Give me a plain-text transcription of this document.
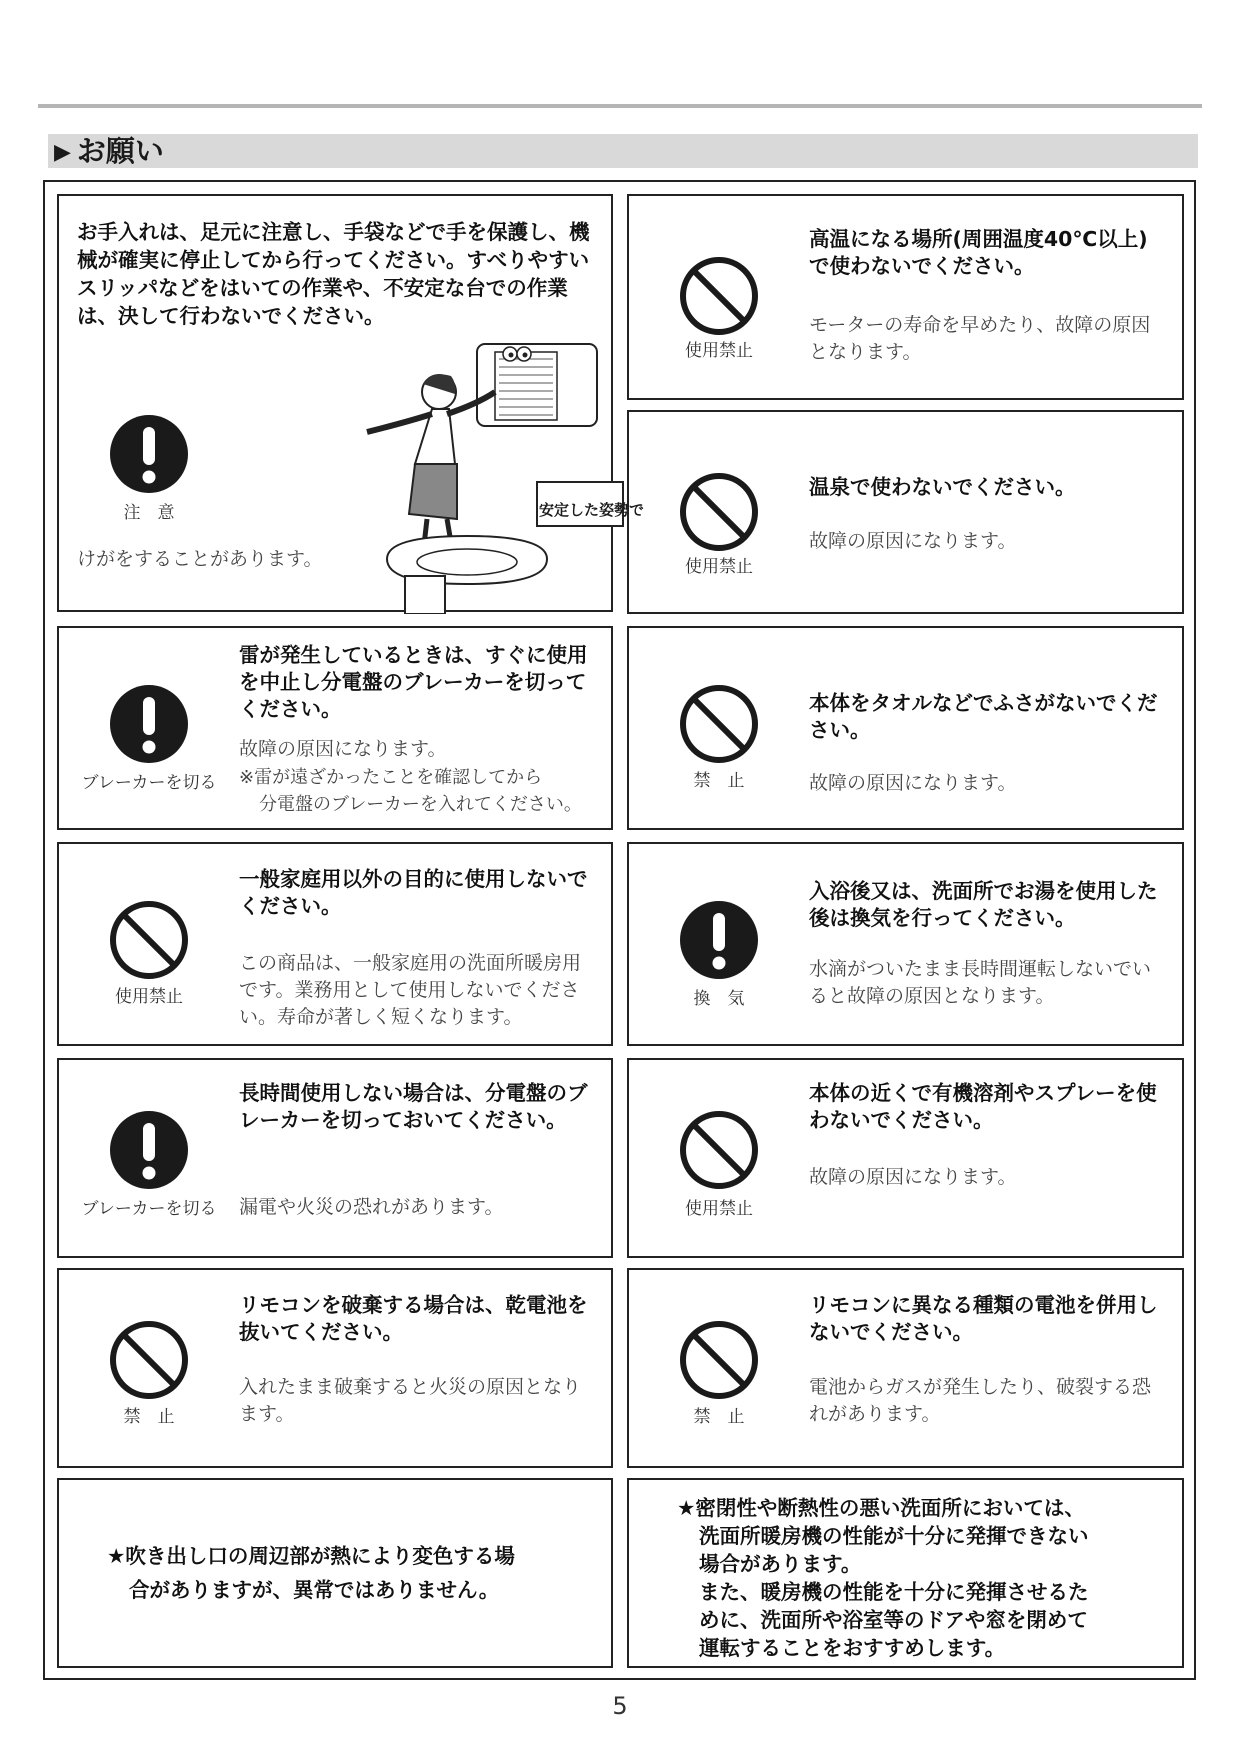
▶ お願い
お手入れは、足元に注意し、手袋などで手を保護し、機械が確実に停止してから行ってください。すべりやすいスリッパなどをはいての作業や、不安定な台での作業は、決して行わないでください。
注　意
けがをすることがあります。
安定した姿勢で
使用禁止
高温になる場所(周囲温度40℃以上)で使わないでください。
モーターの寿命を早めたり、故障の原因となります。
使用禁止
温泉で使わないでください。
故障の原因になります。
ブレーカーを切る
雷が発生しているときは、すぐに使用を中止し分電盤のブレーカーを切ってください。
故障の原因になります。
※雷が遠ざかったことを確認してから
分電盤のブレーカーを入れてください。
禁　止
本体をタオルなどでふさがないでください。
故障の原因になります。
使用禁止
一般家庭用以外の目的に使用しないでください。
この商品は、一般家庭用の洗面所暖房用です。業務用として使用しないでください。寿命が著しく短くなります。
換　気
入浴後又は、洗面所でお湯を使用した後は換気を行ってください。
水滴がついたまま長時間運転しないでいると故障の原因となります。
ブレーカーを切る
長時間使用しない場合は、分電盤のブレーカーを切っておいてください。
漏電や火災の恐れがあります。	使用禁止
本体の近くで有機溶剤やスプレーを使わないでください。
故障の原因になります。
禁　止
リモコンを破棄する場合は、乾電池を抜いてください。
入れたまま破棄すると火災の原因となります。	禁　止
リモコンに異なる種類の電池を併用しないでください。
電池からガスが発生したり、破裂する恐れがあります。
★吹き出し口の周辺部が熱により変色する場
合がありますが、異常ではありません。
★密閉性や断熱性の悪い洗面所においては、
洗面所暖房機の性能が十分に発揮できない
場合があります。
また、暖房機の性能を十分に発揮させるた
めに、洗面所や浴室等のドアや窓を閉めて
運転することをおすすめします。
5
